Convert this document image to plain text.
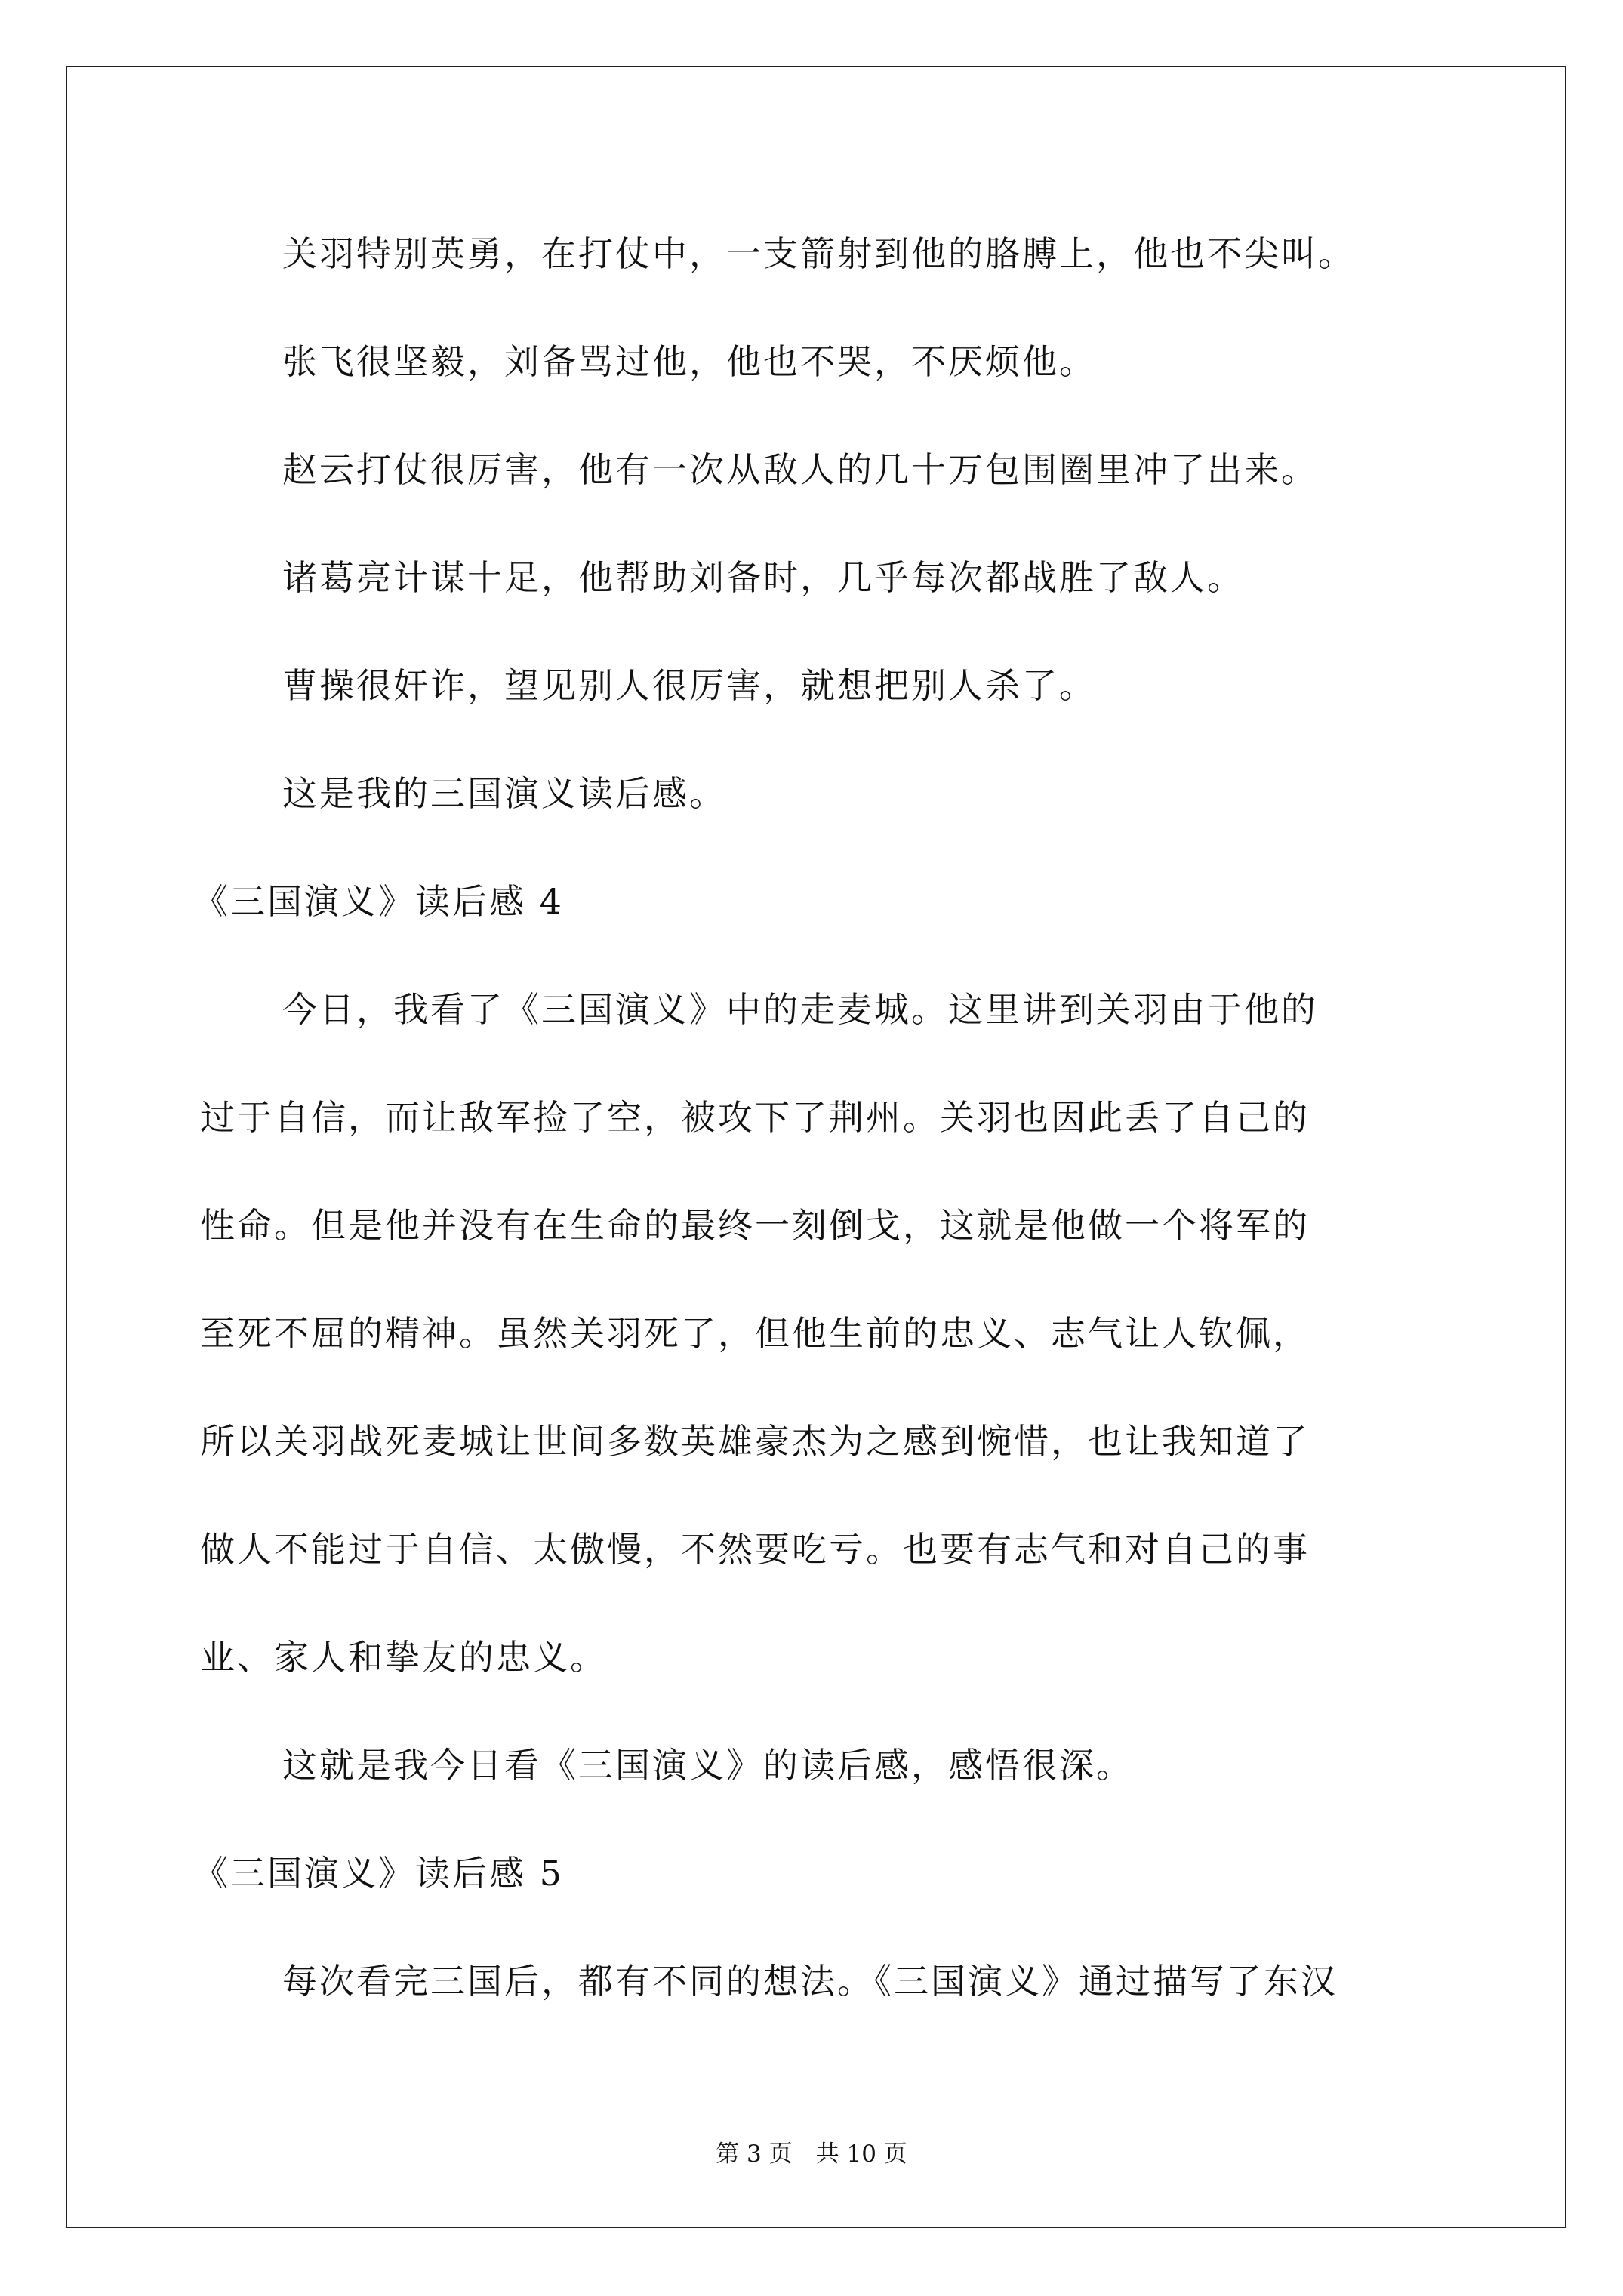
关羽特别英勇，在打仗中，一支箭射到他的胳膊上，他也不尖叫。
张飞很坚毅，刘备骂过他，他也不哭，不厌烦他。
赵云打仗很厉害，他有一次从敌人的几十万包围圈里冲了出来。
诸葛亮计谋十足，他帮助刘备时，几乎每次都战胜了敌人。
曹操很奸诈，望见别人很厉害，就想把别人杀了。
这是我的三国演义读后感。
《三国演义》读后感 4
今日，我看了《三国演义》中的走麦城。这里讲到关羽由于他的
过于自信，而让敌军捡了空，被攻下了荆州。关羽也因此丢了自己的
性命。但是他并没有在生命的最终一刻倒戈，这就是他做一个将军的
至死不屈的精神。虽然关羽死了，但他生前的忠义、志气让人钦佩，
所以关羽战死麦城让世间多数英雄豪杰为之感到惋惜，也让我知道了
做人不能过于自信、太傲慢，不然要吃亏。也要有志气和对自己的事
业、家人和挚友的忠义。
这就是我今日看《三国演义》的读后感，感悟很深。
《三国演义》读后感 5
每次看完三国后，都有不同的想法。《三国演义》通过描写了东汉
第 3 页　共 10 页
